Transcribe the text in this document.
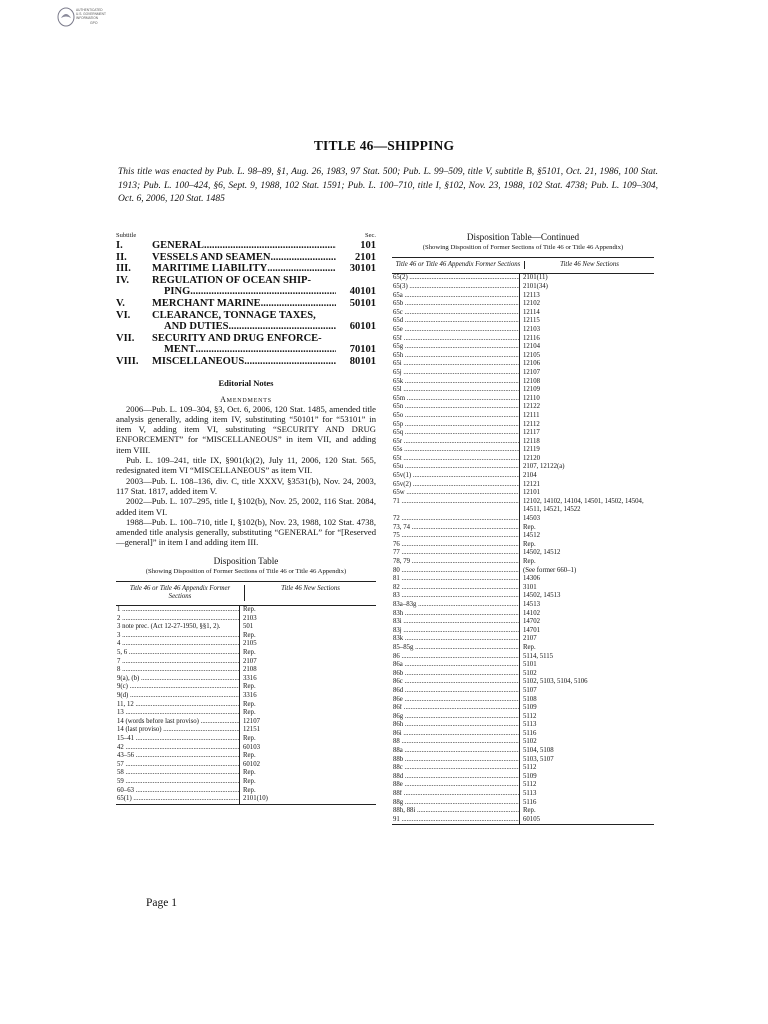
AUTHENTICATED
U.S. GOVERNMENT
INFORMATION
GPO
TITLE 46—SHIPPING
This title was enacted by Pub. L. 98–89, §1, Aug. 26, 1983, 97 Stat. 500; Pub. L. 99–509, title V, subtitle B, §5101, Oct. 21, 1986, 100 Stat. 1913; Pub. L. 100–424, §6, Sept. 9, 1988, 102 Stat. 1591; Pub. L. 100–710, title I, §102, Nov. 23, 1988, 102 Stat. 4738; Pub. L. 109–304, Oct. 6, 2006, 120 Stat. 1485
Subtitle	Sec.
I.	GENERAL .....	101
II.	VESSELS AND SEAMEN .....	2101
III.	MARITIME LIABILITY .....	30101
IV.	REGULATION OF OCEAN SHIP-
PING .....	40101
V.	MERCHANT MARINE .....	50101
VI.	CLEARANCE, TONNAGE TAXES,
AND DUTIES .....	60101
VII.	SECURITY AND DRUG ENFORCE-
MENT .....	70101
VIII.	MISCELLANEOUS .....	80101
Editorial Notes
Amendments

2006—Pub. L. 109–304, §3, Oct. 6, 2006, 120 Stat. 1485, amended title analysis generally, adding item IV, substituting “50101” for “53101” in item V, adding item VI, substituting “SECURITY AND DRUG ENFORCEMENT” for “MISCELLANEOUS” in item VII, and adding item VIII.

Pub. L. 109–241, title IX, §901(k)(2), July 11, 2006, 120 Stat. 565, redesignated item VI “MISCELLANEOUS” as item VII.

2003—Pub. L. 108–136, div. C, title XXXV, §3531(b), Nov. 24, 2003, 117 Stat. 1817, added item V.

2002—Pub. L. 107–295, title I, §102(b), Nov. 25, 2002, 116 Stat. 2084, added item VI.

1988—Pub. L. 100–710, title I, §102(b), Nov. 23, 1988, 102 Stat. 4738, amended title analysis generally, substituting “GENERAL” for “[Reserved—general]” in item I and adding item III.

Disposition Table
(Showing Disposition of Former Sections of Title 46 or Title 46 Appendix)
Title 46 or Title 46 Appendix Former Sections
Title 46 New Sections
1 .....	Rep.
2 .....	2103
3 note prec. (Act 12-27-1950, §§1, 2).	501
3 .....	Rep.
4 .....	2105
5, 6 .....	Rep.
7 .....	2107
8 .....	2108
9(a), (b) .....	3316
9(c) .....	Rep.
9(d) .....	3316
11, 12 .....	Rep.
13 .....	Rep.
14 (words before last proviso) .....	12107
14 (last proviso) .....	12151
15–41 .....	Rep.
42 .....	60103
43–56 .....	Rep.
57 .....	60102
58 .....	Rep.
59 .....	Rep.
60–63 .....	Rep.
65(1) .....	2101(10)
Disposition Table—Continued
(Showing Disposition of Former Sections of Title 46 or Title 46 Appendix)
Title 46 or Title 46 Appendix Former Sections	Title 46 New Sections
65(2) .....	2101(11)
65(3) .....	2101(34)
65a .....	12113
65b .....	12102
65c .....	12114
65d .....	12115
65e .....	12103
65f .....	12116
65g .....	12104
65h .....	12105
65i .....	12106
65j .....	12107
65k .....	12108
65l .....	12109
65m .....	12110
65n .....	12122
65o .....	12111
65p .....	12112
65q .....	12117
65r .....	12118
65s .....	12119
65t .....	12120
65u .....	2107, 12122(a)
65v(1) .....	2104
65v(2) .....	12121
65w .....	12101
71 .....	12102, 14102, 14104, 14501, 14502, 14504, 14511, 14521, 14522
72 .....	14503
73, 74 .....	Rep.
75 .....	14512
76 .....	Rep.
77 .....	14502, 14512
78, 79 .....	Rep.
80 .....	(See former 660–1)
81 .....	14306
82 .....	3101
83 .....	14502, 14513
83a–83g .....	14513
83h .....	14102
83i .....	14702
83j .....	14701
83k .....	2107
85–85g .....	Rep.
86 .....	5114, 5115
86a .....	5101
86b .....	5102
86c .....	5102, 5103, 5104, 5106
86d .....	5107
86e .....	5108
86f .....	5109
86g .....	5112
86h .....	5113
86i .....	5116
88 .....	5102
88a .....	5104, 5108
88b .....	5103, 5107
88c .....	5112
88d .....	5109
88e .....	5112
88f .....	5113
88g .....	5116
88h, 88i .....	Rep.
91 .....	60105
Page 1
